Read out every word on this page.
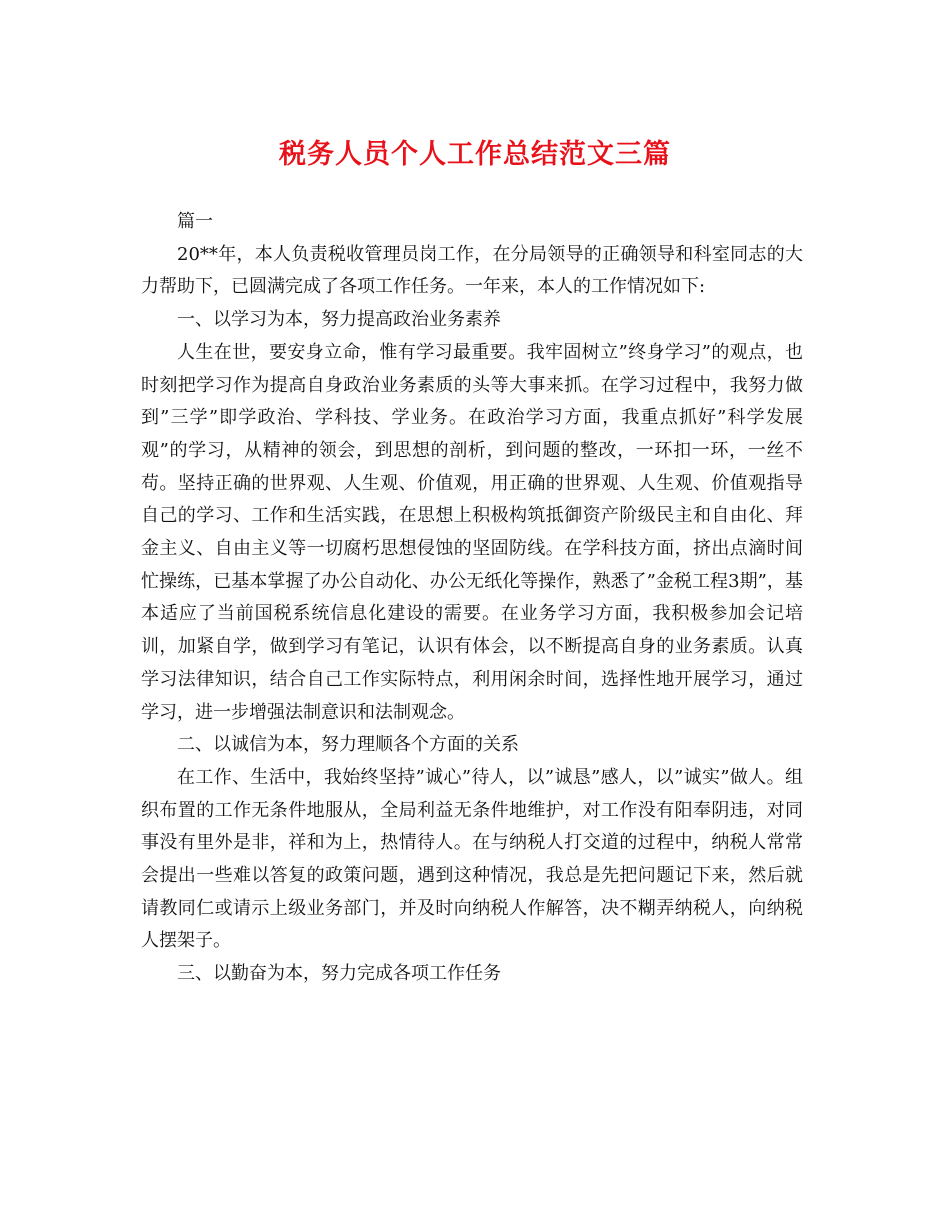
税务人员个人工作总结范文三篇

篇一

20**年，本人负责税收管理员岗工作，在分局领导的正确领导和科室同志的大力帮助下，已圆满完成了各项工作任务。一年来，本人的工作情况如下:

一、以学习为本，努力提高政治业务素养

人生在世，要安身立命，惟有学习最重要。我牢固树立”终身学习”的观点，也时刻把学习作为提高自身政治业务素质的头等大事来抓。在学习过程中，我努力做到”三学”即学政治、学科技、学业务。在政治学习方面，我重点抓好”科学发展观”的学习，从精神的领会，到思想的剖析，到问题的整改，一环扣一环，一丝不苟。坚持正确的世界观、人生观、价值观，用正确的世界观、人生观、价值观指导自己的学习、工作和生活实践，在思想上积极构筑抵御资产阶级民主和自由化、拜金主义、自由主义等一切腐朽思想侵蚀的坚固防线。在学科技方面，挤出点滴时间忙操练，已基本掌握了办公自动化、办公无纸化等操作，熟悉了”金税工程3期”，基本适应了当前国税系统信息化建设的需要。在业务学习方面，我积极参加会记培训，加紧自学，做到学习有笔记，认识有体会，以不断提高自身的业务素质。认真学习法律知识，结合自己工作实际特点，利用闲余时间，选择性地开展学习，通过学习，进一步增强法制意识和法制观念。

二、以诚信为本，努力理顺各个方面的关系

在工作、生活中，我始终坚持”诚心”待人，以”诚恳”感人，以”诚实”做人。组织布置的工作无条件地服从，全局利益无条件地维护，对工作没有阳奉阴违，对同事没有里外是非，祥和为上，热情待人。在与纳税人打交道的过程中，纳税人常常会提出一些难以答复的政策问题，遇到这种情况，我总是先把问题记下来，然后就请教同仁或请示上级业务部门，并及时向纳税人作解答，决不糊弄纳税人，向纳税人摆架子。

三、以勤奋为本，努力完成各项工作任务
